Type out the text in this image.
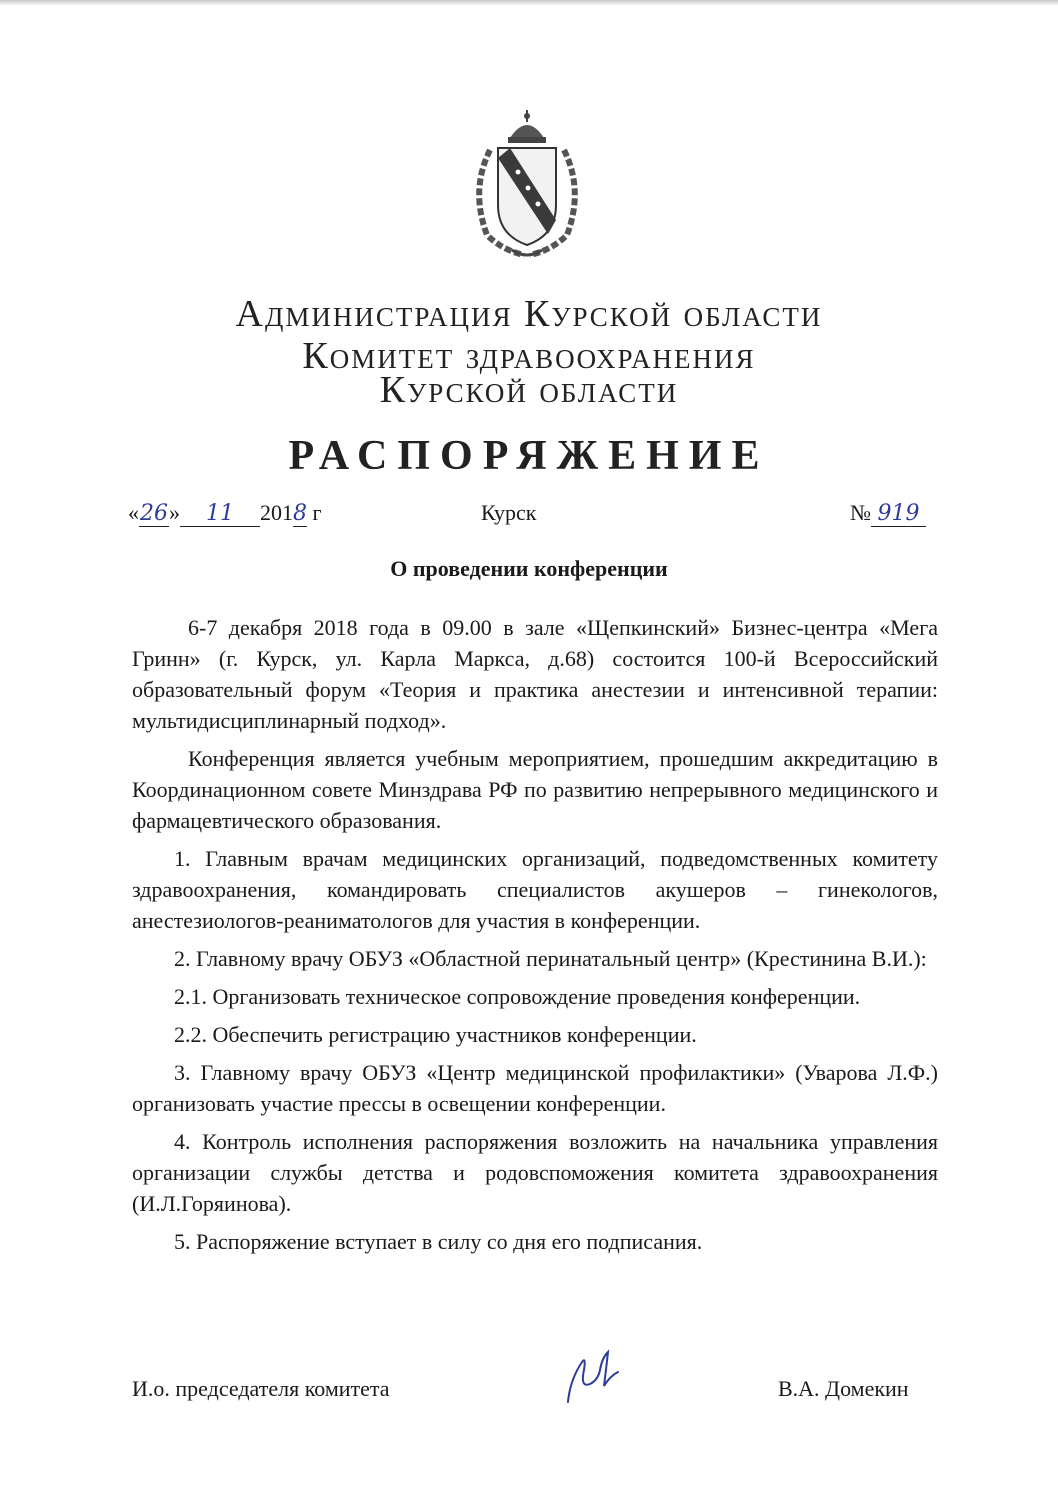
Администрация Курской области
Комитет здравоохранения
Курской области
РАСПОРЯЖЕНИЕ
«26» 11 2018 г	Курск	№ 919
О проведении конференции

6-7 декабря 2018 года в 09.00 в зале «Щепкинский» Бизнес-центра «Мега Гринн» (г. Курск, ул. Карла Маркса, д.68) состоится 100-й Всероссийский образовательный форум «Теория и практика анестезии и интенсивной терапии: мультидисциплинарный подход».

Конференция является учебным мероприятием, прошедшим аккредитацию в Координационном совете Минздрава РФ по развитию непрерывного медицинского и фармацевтического образования.

1. Главным врачам медицинских организаций, подведомственных комитету здравоохранения, командировать специалистов акушеров – гинекологов, анестезиологов-реаниматологов для участия в конференции.

2. Главному врачу ОБУЗ «Областной перинатальный центр» (Крестинина В.И.):

2.1. Организовать техническое сопровождение проведения конференции.

2.2. Обеспечить регистрацию участников конференции.

3. Главному врачу ОБУЗ «Центр медицинской профилактики» (Уварова Л.Ф.) организовать участие прессы в освещении конференции.

4. Контроль исполнения распоряжения возложить на начальника управления организации службы детства и родовспоможения комитета здравоохранения (И.Л.Горяинова).

5. Распоряжение вступает в силу со дня его подписания.

И.о. председателя комитета	В.А. Домекин
